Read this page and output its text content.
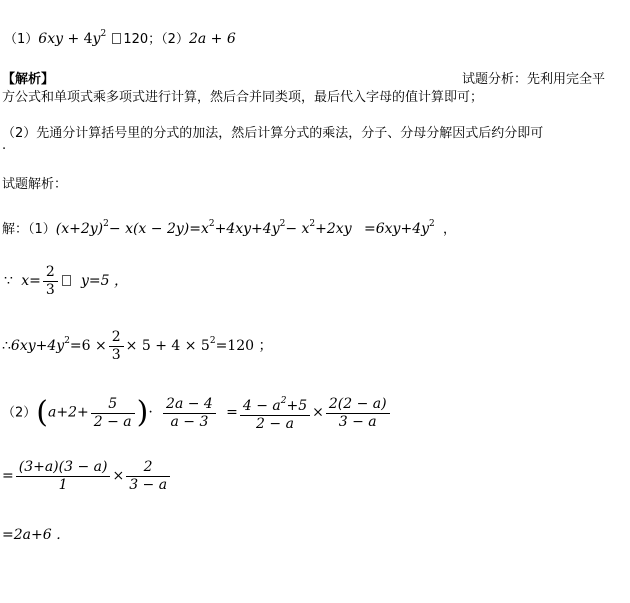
$(1)6xy + 4y^2$ 120；（2）2a + 6
【解析】	试题分析：先利用完全平
方公式和单项式乘多项式进行计算，然后合并同类项，最后代入字母的值计算即可；
（2）先通分计算括号里的分式的加法，然后计算分式的乘法，分子、分母分解因式后约分即可
.
试题解析：
解：$(1)(x+2y)^2- x(x - 2y)=x^2+4xy+4y^2- x^2+2xy =6xy+4y^2$ ，
∵ $x= \frac{2}{3} y=5$ ，
$\therefore 6xy+4y^2=6 \times \frac{2}{3} \times 5 + 4 \times 5^2=120$ ；
$(2)(a+2+ \frac{5}{2 - a}$ )· $\frac{2a - 4}{a - 3} = \frac{4 - a^2+5}{2 - a} \times \frac{2(2 - a)}{3 - a}$
= $\frac{(3+a)(3 - a)}{1} \times \frac{2}{3 - a}$
=2a+6 ．
